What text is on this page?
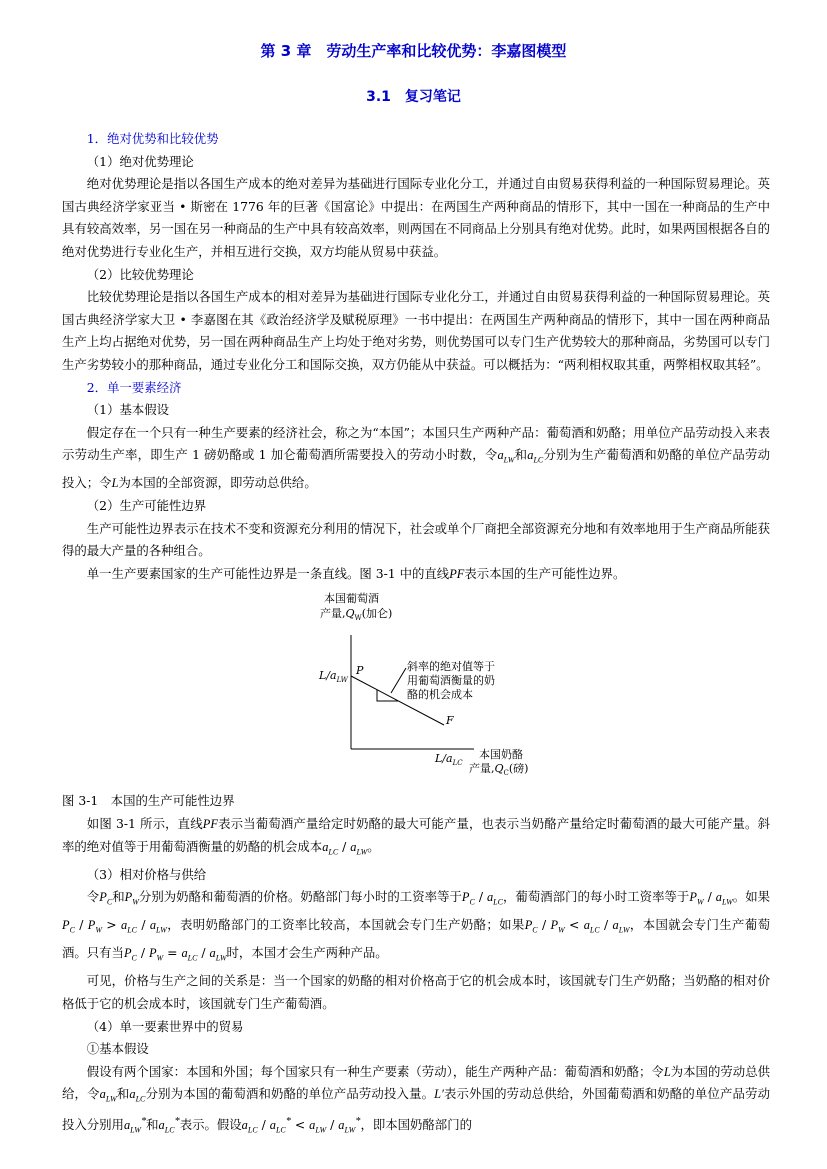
第 3 章　劳动生产率和比较优势：李嘉图模型
3.1　复习笔记

1．绝对优势和比较优势

（1）绝对优势理论

绝对优势理论是指以各国生产成本的绝对差异为基础进行国际专业化分工，并通过自由贸易获得利益的一种国际贸易理论。英国古典经济学家亚当 • 斯密在 1776 年的巨著《国富论》中提出：在两国生产两种商品的情形下，其中一国在一种商品的生产中具有较高效率，另一国在另一种商品的生产中具有较高效率，则两国在不同商品上分别具有绝对优势。此时，如果两国根据各自的绝对优势进行专业化生产，并相互进行交换，双方均能从贸易中获益。

（2）比较优势理论

比较优势理论是指以各国生产成本的相对差异为基础进行国际专业化分工，并通过自由贸易获得利益的一种国际贸易理论。英国古典经济学家大卫 • 李嘉图在其《政治经济学及赋税原理》一书中提出：在两国生产两种商品的情形下，其中一国在两种商品生产上均占据绝对优势，另一国在两种商品生产上均处于绝对劣势，则优势国可以专门生产优势较大的那种商品，劣势国可以专门生产劣势较小的那种商品，通过专业化分工和国际交换，双方仍能从中获益。可以概括为：“两利相权取其重，两弊相权取其轻”。

2．单一要素经济

（1）基本假设

假定存在一个只有一种生产要素的经济社会，称之为“本国”；本国只生产两种产品：葡萄酒和奶酪；用单位产品劳动投入来表示劳动生产率，即生产 1 磅奶酪或 1 加仑葡萄酒所需要投入的劳动小时数，令$a_{LW}$和$a_{LC}$分别为生产葡萄酒和奶酪的单位产品劳动投入；令L为本国的全部资源，即劳动总供给。

（2）生产可能性边界

生产可能性边界表示在技术不变和资源充分利用的情况下，社会或单个厂商把全部资源充分地和有效率地用于生产商品所能获得的最大产量的各种组合。

单一生产要素国家的生产可能性边界是一条直线。图 3-1 中的直线PF表示本国的生产可能性边界。

本国葡萄酒
产量$,Q_W$(加仑)
$L/a_{LW}$
P
F
$L/a_{LC}$
斜率的绝对值等于
用葡萄酒衡量的奶
酪的机会成本
本国奶酪
产量$,Q_C$(磅)

图 3-1　本国的生产可能性边界

如图 3-1 所示，直线PF表示当葡萄酒产量给定时奶酪的最大可能产量，也表示当奶酪产量给定时葡萄酒的最大可能产量。斜率的绝对值等于用葡萄酒衡量的奶酪的机会成本$a_{LC} / a_{LW}$。

（3）相对价格与供给

令$P_C$和$P_W$分别为奶酪和葡萄酒的价格。奶酪部门每小时的工资率等于$P_C / a_{LC}$，葡萄酒部门的每小时工资率等于$P_W / a_{LW}$。如果$P_C / P_W > a_{LC} / a_{LW}$，表明奶酪部门的工资率比较高，本国就会专门生产奶酪；如果$P_C / P_W < a_{LC} / a_{LW}$，本国就会专门生产葡萄酒。只有当$P_C / P_W = a_{LC} / a_{LW}$时，本国才会生产两种产品。

可见，价格与生产之间的关系是：当一个国家的奶酪的相对价格高于它的机会成本时，该国就专门生产奶酪；当奶酪的相对价格低于它的机会成本时，该国就专门生产葡萄酒。

（4）单一要素世界中的贸易

①基本假设

假设有两个国家：本国和外国；每个国家只有一种生产要素（劳动），能生产两种产品：葡萄酒和奶酪；令L为本国的劳动总供给，令$a_{LW}$和$a_{LC}$分别为本国的葡萄酒和奶酪的单位产品劳动投入量。L′表示外国的劳动总供给，外国葡萄酒和奶酪的单位产品劳动投入分别用$a_{LW}^*$和$a_{LC}^*$表示。假设$a_{LC} / a_{LC}^* < a_{LW} / a_{LW}^*$，即本国奶酪部门的
